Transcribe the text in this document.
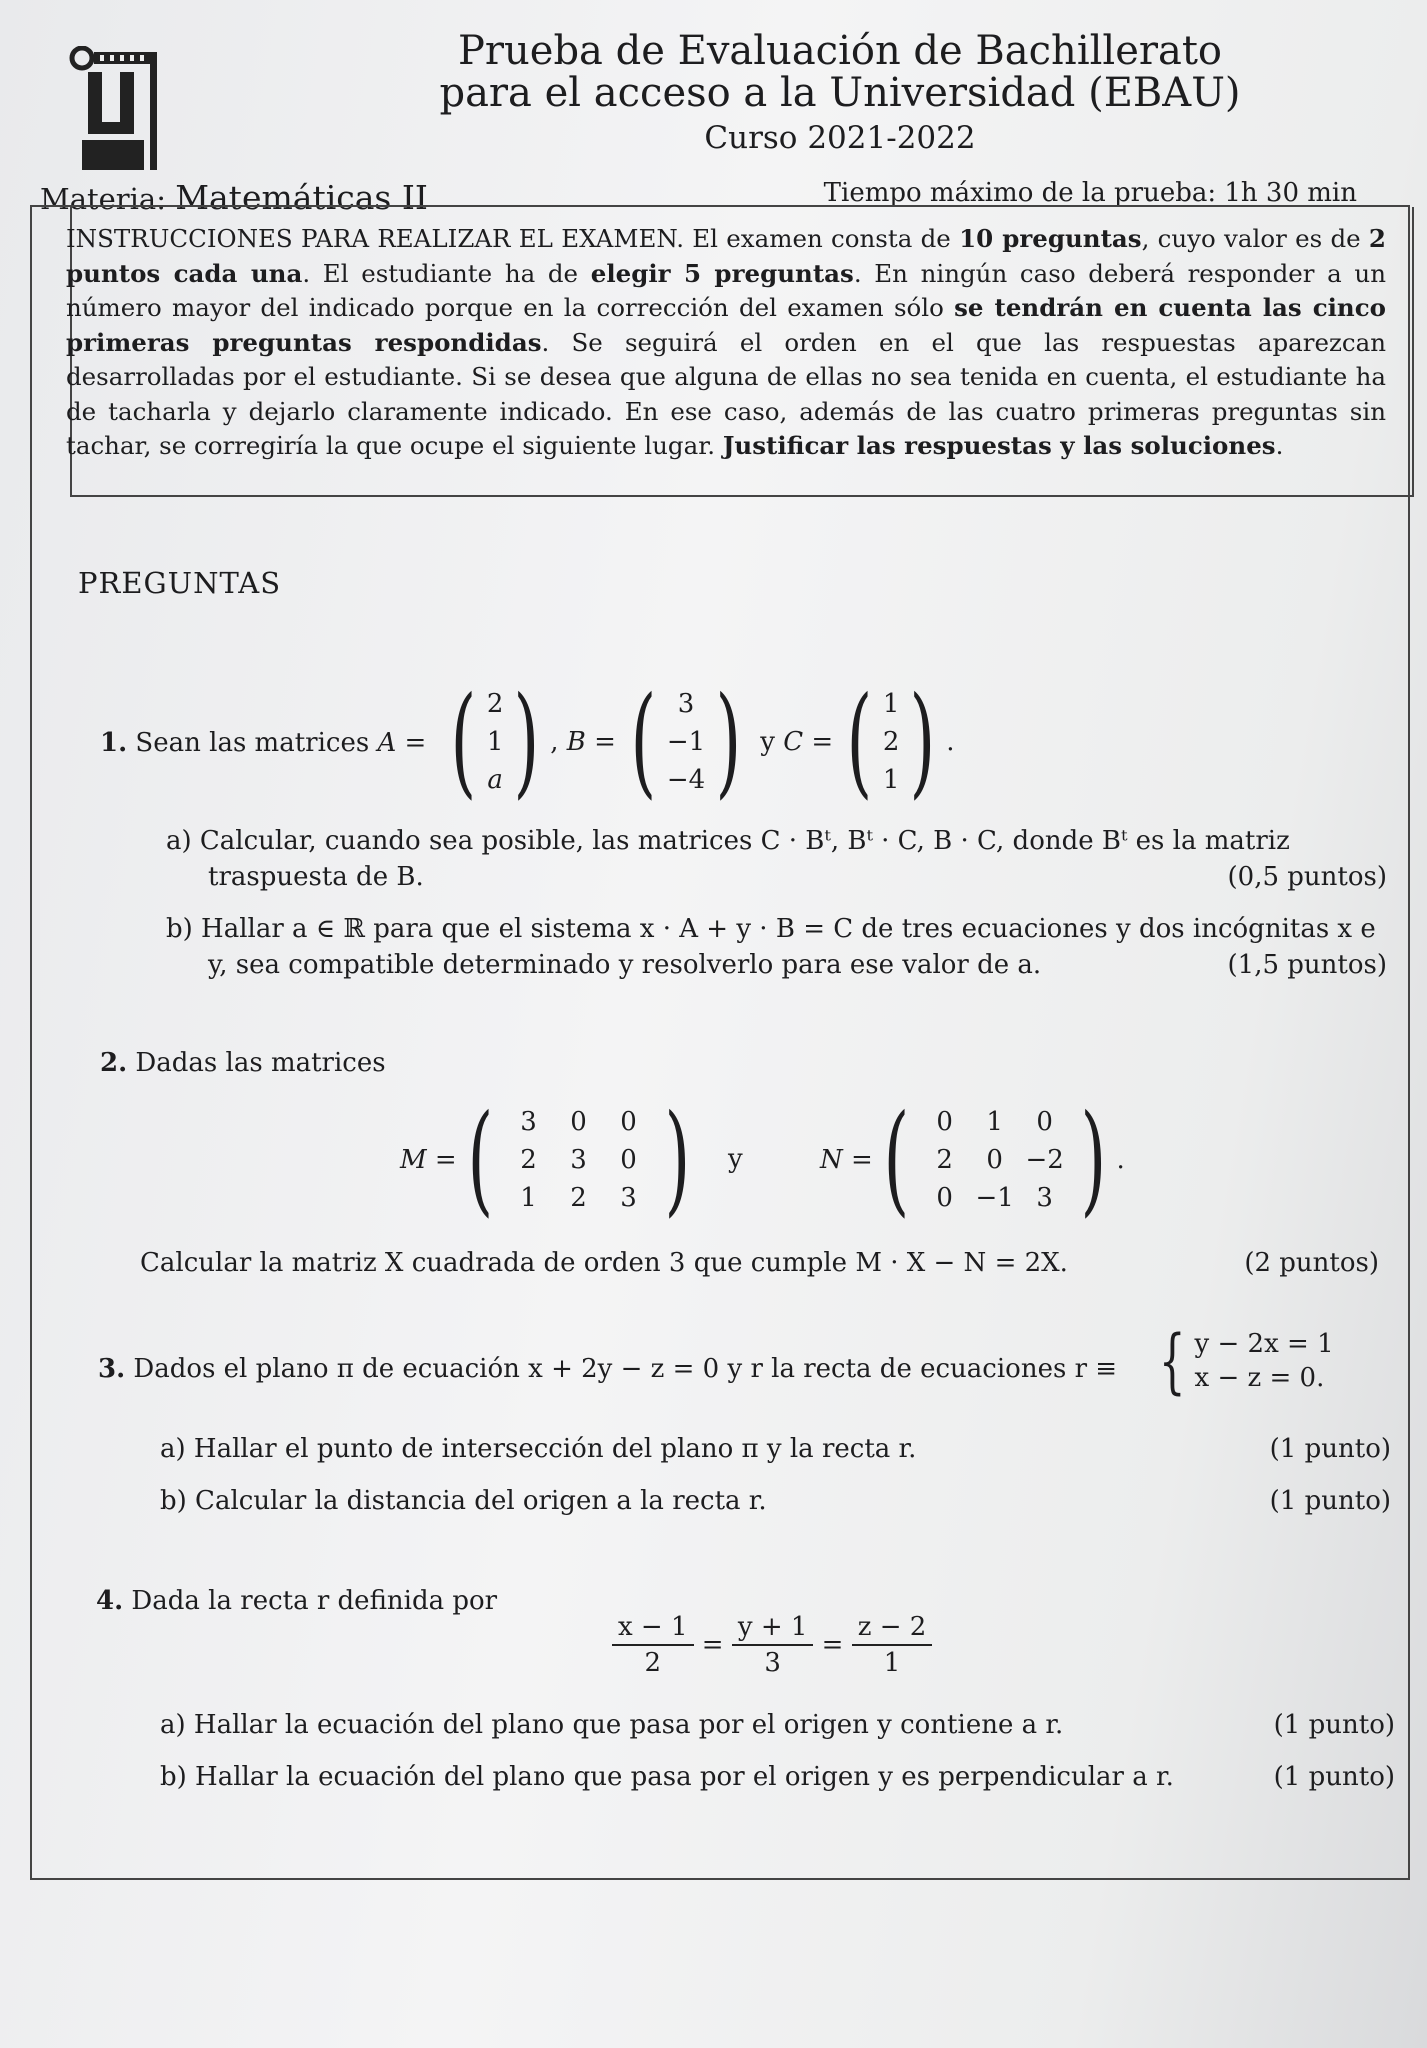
Prueba de Evaluación de Bachillerato
para el acceso a la Universidad (EBAU)
Curso 2021-2022
Materia: Matemáticas II	Tiempo máximo de la prueba: 1h 30 min
INSTRUCCIONES PARA REALIZAR EL EXAMEN. El examen consta de 10 preguntas, cuyo valor es de 2 puntos cada una. El estudiante ha de elegir 5 preguntas. En ningún caso deberá responder a un número mayor del indicado porque en la corrección del examen sólo se tendrán en cuenta las cinco primeras preguntas respondidas. Se seguirá el orden en el que las respuestas aparezcan desarrolladas por el estudiante. Si se desea que alguna de ellas no sea tenida en cuenta, el estudiante ha de tacharla y dejarlo claramente indicado. En ese caso, además de las cuatro primeras preguntas sin tachar, se corregiría la que ocupe el siguiente lugar. Justificar las respuestas y las soluciones.
PREGUNTAS
1. Sean las matrices A = ( 2
1
a ) , B = ( 3
−1
−4 ) y C = ( 1
2
1 ) .
a) Calcular, cuando sea posible, las matrices C · Bᵗ, Bᵗ · C, B · C, donde Bᵗ es la matriz
traspuesta de B.	(0,5 puntos)
b) Hallar a ∈ ℝ para que el sistema x · A + y · B = C de tres ecuaciones y dos incógnitas x e
y, sea compatible determinado y resolverlo para ese valor de a.	(1,5 puntos)
2. Dadas las matrices
M = (	3	0	0
2	3	0
1	2	3 ) y	N = (	0	1	0
2	0 −2
0 −1 3 ) .
Calcular la matriz X cuadrada de orden 3 que cumple M · X − N = 2X.	(2 puntos)
3. Dados el plano π de ecuación x + 2y − z = 0 y r la recta de ecuaciones r ≡ { y − 2x = 1
x − z = 0.
a) Hallar el punto de intersección del plano π y la recta r.	(1 punto)
b) Calcular la distancia del origen a la recta r.	(1 punto)
4. Dada la recta r definida por
$\frac{x - 1}{2} = \frac{y + 1}{3} = \frac{z - 2}{1}$
a) Hallar la ecuación del plano que pasa por el origen y contiene a r.	(1 punto)
b) Hallar la ecuación del plano que pasa por el origen y es perpendicular a r.	(1 punto)
